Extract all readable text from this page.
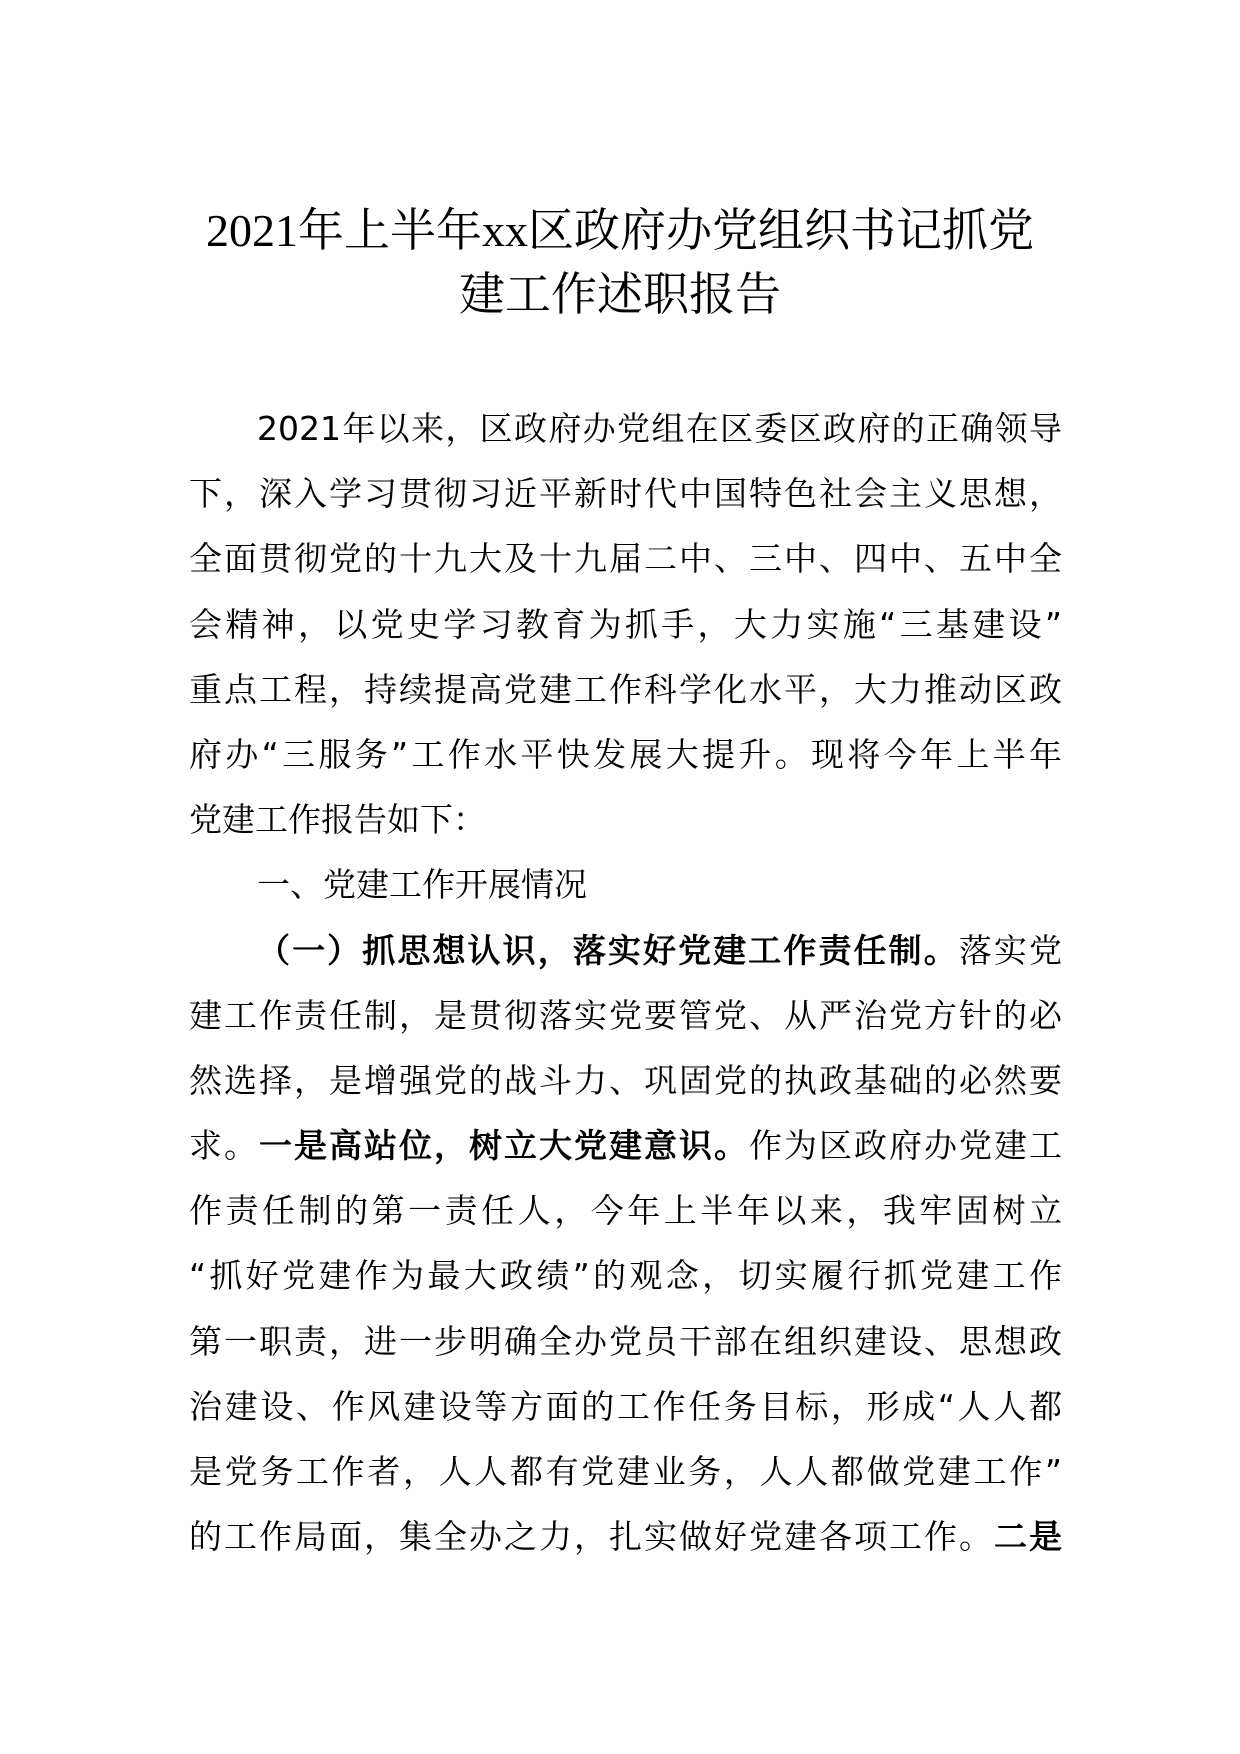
2021年上半年xx区政府办党组织书记抓党
建工作述职报告
2021年以来，区政府办党组在区委区政府的正确领导
下，深入学习贯彻习近平新时代中国特色社会主义思想，
全面贯彻党的十九大及十九届二中、三中、四中、五中全
会精神，以党史学习教育为抓手，大力实施“三基建设”
重点工程，持续提高党建工作科学化水平，大力推动区政
府办“三服务”工作水平快发展大提升。现将今年上半年
党建工作报告如下：
一、党建工作开展情况
（一）抓思想认识，落实好党建工作责任制。落实党
建工作责任制，是贯彻落实党要管党、从严治党方针的必
然选择，是增强党的战斗力、巩固党的执政基础的必然要
求。一是高站位，树立大党建意识。作为区政府办党建工
作责任制的第一责任人，今年上半年以来，我牢固树立
“抓好党建作为最大政绩”的观念，切实履行抓党建工作
第一职责，进一步明确全办党员干部在组织建设、思想政
治建设、作风建设等方面的工作任务目标，形成“人人都
是党务工作者，人人都有党建业务，人人都做党建工作”
的工作局面，集全办之力，扎实做好党建各项工作。二是
